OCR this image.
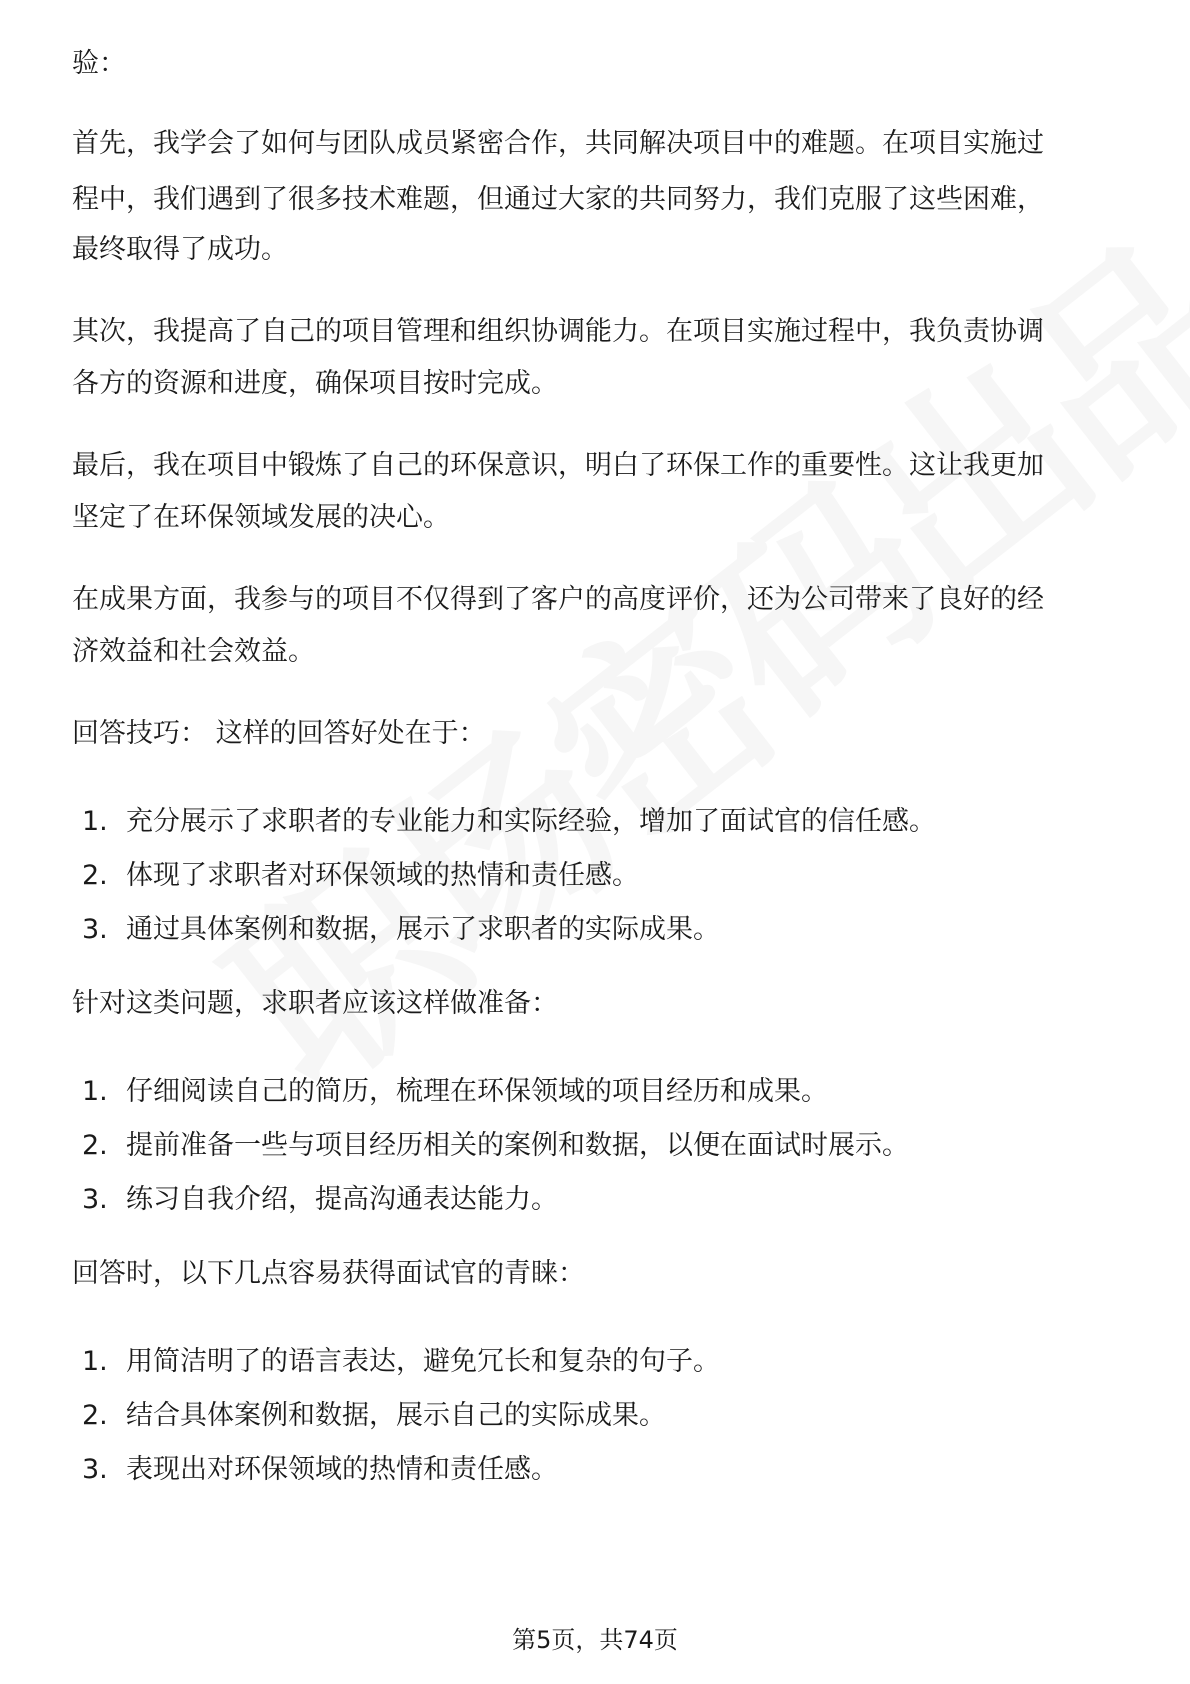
验：

首先，我学会了如何与团队成员紧密合作，共同解决项目中的难题。在项目实施过

程中，我们遇到了很多技术难题，但通过大家的共同努力，我们克服了这些困难，

最终取得了成功。

其次，我提高了自己的项目管理和组织协调能力。在项目实施过程中，我负责协调

各方的资源和进度，确保项目按时完成。

最后，我在项目中锻炼了自己的环保意识，明白了环保工作的重要性。这让我更加

坚定了在环保领域发展的决心。

在成果方面，我参与的项目不仅得到了客户的高度评价，还为公司带来了良好的经

济效益和社会效益。

回答技巧： 这样的回答好处在于：

1. 充分展示了求职者的专业能力和实际经验，增加了面试官的信任感。
2. 体现了求职者对环保领域的热情和责任感。
3. 通过具体案例和数据，展示了求职者的实际成果。

针对这类问题，求职者应该这样做准备：

1. 仔细阅读自己的简历，梳理在环保领域的项目经历和成果。
2. 提前准备一些与项目经历相关的案例和数据，以便在面试时展示。
3. 练习自我介绍，提高沟通表达能力。

回答时，以下几点容易获得面试官的青睐：

1. 用简洁明了的语言表达，避免冗长和复杂的句子。
2. 结合具体案例和数据，展示自己的实际成果。
3. 表现出对环保领域的热情和责任感。
第5页，共74页
